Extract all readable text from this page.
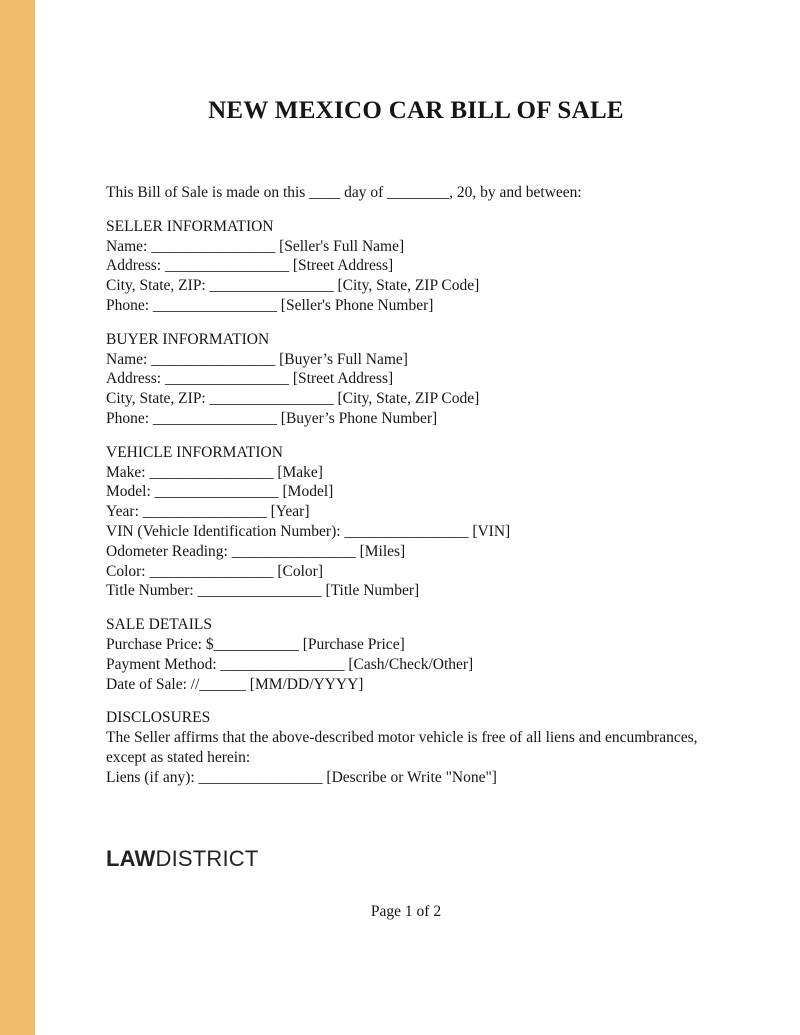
NEW MEXICO CAR BILL OF SALE

This Bill of Sale is made on this ____ day of ________, 20, by and between:

SELLER INFORMATION

Name: ________________ [Seller's Full Name]

Address: ________________ [Street Address]

City, State, ZIP: ________________ [City, State, ZIP Code]

Phone: ________________ [Seller's Phone Number]

BUYER INFORMATION

Name: ________________ [Buyer’s Full Name]

Address: ________________ [Street Address]

City, State, ZIP: ________________ [City, State, ZIP Code]

Phone: ________________ [Buyer’s Phone Number]

VEHICLE INFORMATION

Make: ________________ [Make]

Model: ________________ [Model]

Year: ________________ [Year]

VIN (Vehicle Identification Number): ________________ [VIN]

Odometer Reading: ________________ [Miles]

Color: ________________ [Color]

Title Number: ________________ [Title Number]

SALE DETAILS

Purchase Price: $___________ [Purchase Price]

Payment Method: ________________ [Cash/Check/Other]

Date of Sale: //______ [MM/DD/YYYY]

DISCLOSURES

The Seller affirms that the above-described motor vehicle is free of all liens and encumbrances, except as stated herein:

Liens (if any): ________________ [Describe or Write "None"]

LAWDISTRICT
Page 1 of 2
